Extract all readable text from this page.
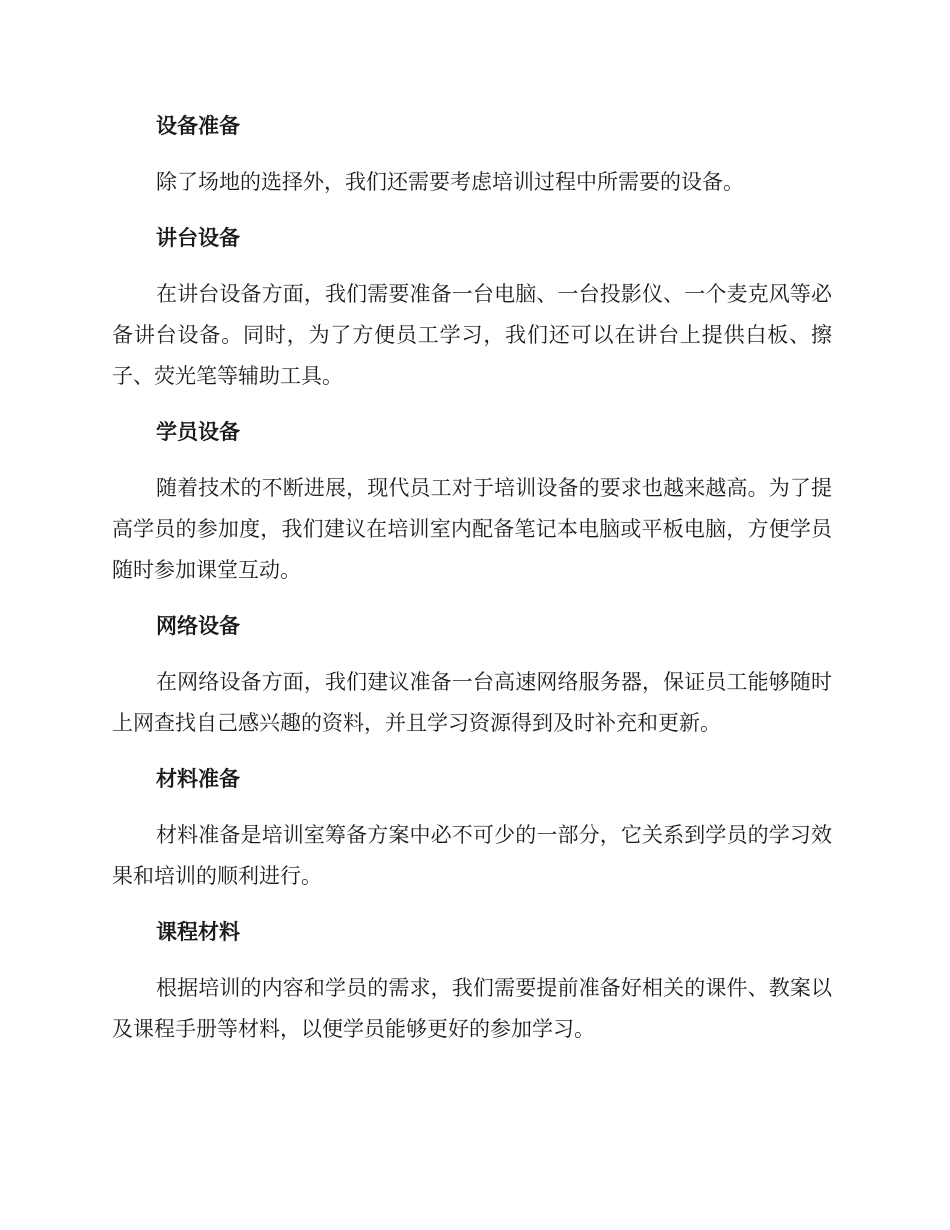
设备准备

除了场地的选择外，我们还需要考虑培训过程中所需要的设备。

讲台设备

在讲台设备方面，我们需要准备一台电脑、一台投影仪、一个麦克风等必备讲台设备。同时，为了方便员工学习，我们还可以在讲台上提供白板、擦子、荧光笔等辅助工具。

学员设备

随着技术的不断进展，现代员工对于培训设备的要求也越来越高。为了提高学员的参加度，我们建议在培训室内配备笔记本电脑或平板电脑，方便学员随时参加课堂互动。

网络设备

在网络设备方面，我们建议准备一台高速网络服务器，保证员工能够随时上网查找自己感兴趣的资料，并且学习资源得到及时补充和更新。

材料准备

材料准备是培训室筹备方案中必不可少的一部分，它关系到学员的学习效果和培训的顺利进行。

课程材料

根据培训的内容和学员的需求，我们需要提前准备好相关的课件、教案以及课程手册等材料，以便学员能够更好的参加学习。
